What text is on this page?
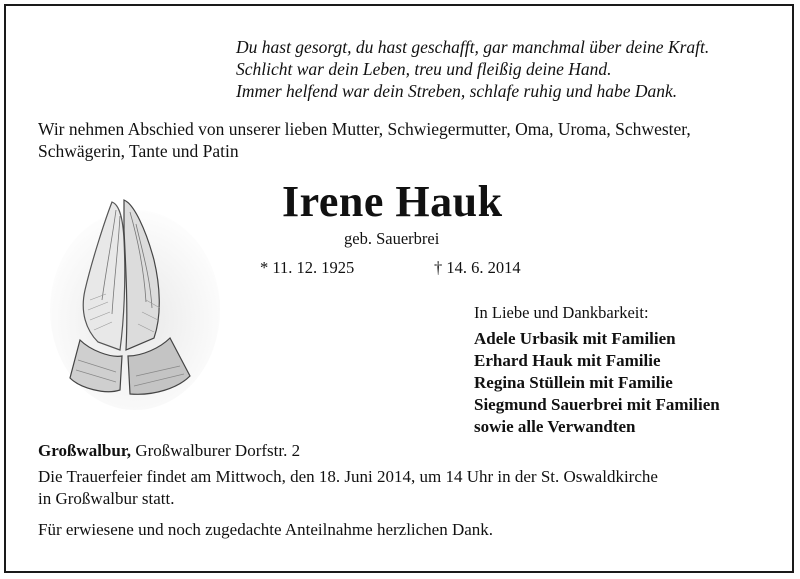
Du hast gesorgt, du hast geschafft, gar manchmal über deine Kraft.
Schlicht war dein Leben, treu und fleißig deine Hand.
Immer helfend war dein Streben, schlafe ruhig und habe Dank.
Wir nehmen Abschied von unserer lieben Mutter, Schwiegermutter, Oma, Uroma, Schwester,
Schwägerin, Tante und Patin
Irene Hauk
geb. Sauerbrei
* 11. 12. 1925	† 14. 6. 2014
In Liebe und Dankbarkeit:
Adele Urbasik mit Familien
Erhard Hauk mit Familie
Regina Stüllein mit Familie
Siegmund Sauerbrei mit Familien
sowie alle Verwandten
Großwalbur, Großwalburer Dorfstr. 2
Die Trauerfeier findet am Mittwoch, den 18. Juni 2014, um 14 Uhr in der St. Oswaldkirche
in Großwalbur statt.
Für erwiesene und noch zugedachte Anteilnahme herzlichen Dank.
